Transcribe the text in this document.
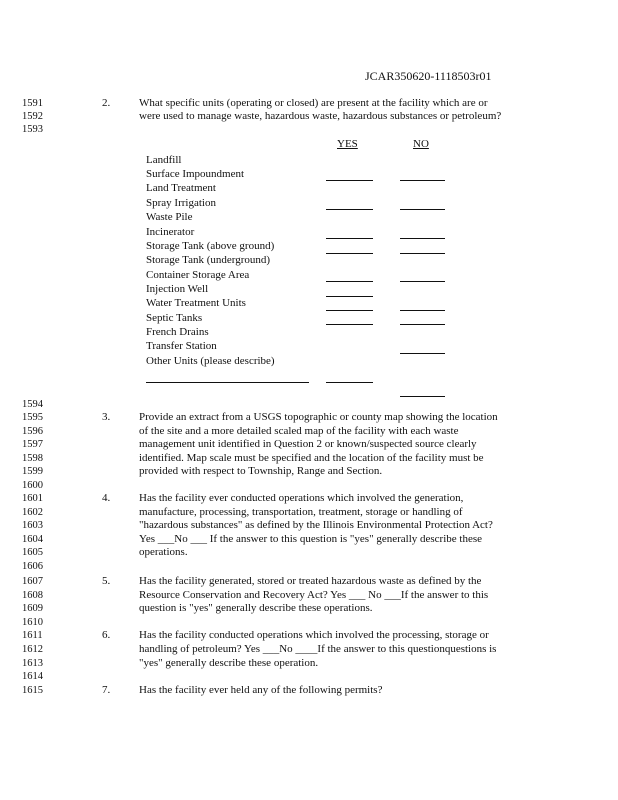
JCAR350620-1118503r01
1591
1592
1593
1594
1595
1596
1597
1598
1599
1600
1601
1602
1603
1604
1605
1606
1607
1608
1609
1610
1611
1612
1613
1614
1615
2.	What specific units (operating or closed) are present at the facility which are or
were used to manage waste, hazardous waste, hazardous substances or petroleum?
YES	NO
Landfill
Surface Impoundment
Land Treatment
Spray Irrigation
Waste Pile
Incinerator
Storage Tank (above ground)
Storage Tank (underground)
Container Storage Area
Injection Well
Water Treatment Units
Septic Tanks
French Drains
Transfer Station
Other Units (please describe)
3.	Provide an extract from a USGS topographic or county map showing the location
of the site and a more detailed scaled map of the facility with each waste
management unit identified in Question 2 or known/suspected source clearly
identified. Map scale must be specified and the location of the facility must be
provided with respect to Township, Range and Section.
4.	Has the facility ever conducted operations which involved the generation,
manufacture, processing, transportation, treatment, storage or handling of
"hazardous substances" as defined by the Illinois Environmental Protection Act?
Yes ___No ___ If the answer to this question is "yes" generally describe these
operations.
5.	Has the facility generated, stored or treated hazardous waste as defined by the
Resource Conservation and Recovery Act? Yes ___ No ___If the answer to this
question is "yes" generally describe these operations.
6.	Has the facility conducted operations which involved the processing, storage or
handling of petroleum? Yes ___No ____If the answer to this questionquestions is
"yes" generally describe these operation.
7.	Has the facility ever held any of the following permits?
